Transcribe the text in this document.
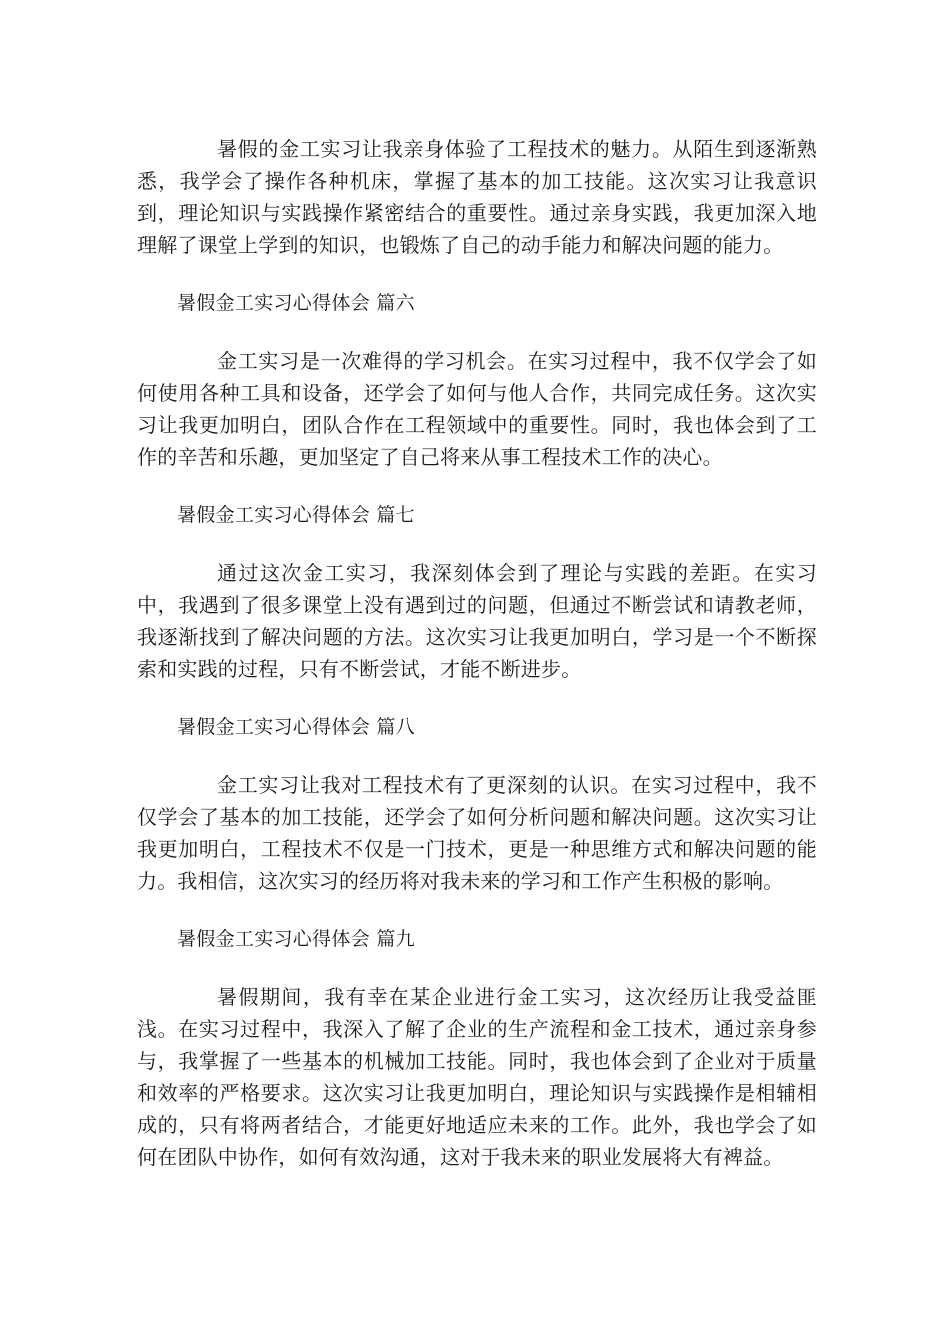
暑假的金工实习让我亲身体验了工程技术的魅力。从陌生到逐渐熟悉，我学会了操作各种机床，掌握了基本的加工技能。这次实习让我意识到，理论知识与实践操作紧密结合的重要性。通过亲身实践，我更加深入地理解了课堂上学到的知识，也锻炼了自己的动手能力和解决问题的能力。

暑假金工实习心得体会 篇六

金工实习是一次难得的学习机会。在实习过程中，我不仅学会了如何使用各种工具和设备，还学会了如何与他人合作，共同完成任务。这次实习让我更加明白，团队合作在工程领域中的重要性。同时，我也体会到了工作的辛苦和乐趣，更加坚定了自己将来从事工程技术工作的决心。

暑假金工实习心得体会 篇七

通过这次金工实习，我深刻体会到了理论与实践的差距。在实习中，我遇到了很多课堂上没有遇到过的问题，但通过不断尝试和请教老师，我逐渐找到了解决问题的方法。这次实习让我更加明白，学习是一个不断探索和实践的过程，只有不断尝试，才能不断进步。

暑假金工实习心得体会 篇八

金工实习让我对工程技术有了更深刻的认识。在实习过程中，我不仅学会了基本的加工技能，还学会了如何分析问题和解决问题。这次实习让我更加明白，工程技术不仅是一门技术，更是一种思维方式和解决问题的能力。我相信，这次实习的经历将对我未来的学习和工作产生积极的影响。

暑假金工实习心得体会 篇九

暑假期间，我有幸在某企业进行金工实习，这次经历让我受益匪浅。在实习过程中，我深入了解了企业的生产流程和金工技术，通过亲身参与，我掌握了一些基本的机械加工技能。同时，我也体会到了企业对于质量和效率的严格要求。这次实习让我更加明白，理论知识与实践操作是相辅相成的，只有将两者结合，才能更好地适应未来的工作。此外，我也学会了如何在团队中协作，如何有效沟通，这对于我未来的职业发展将大有裨益。
